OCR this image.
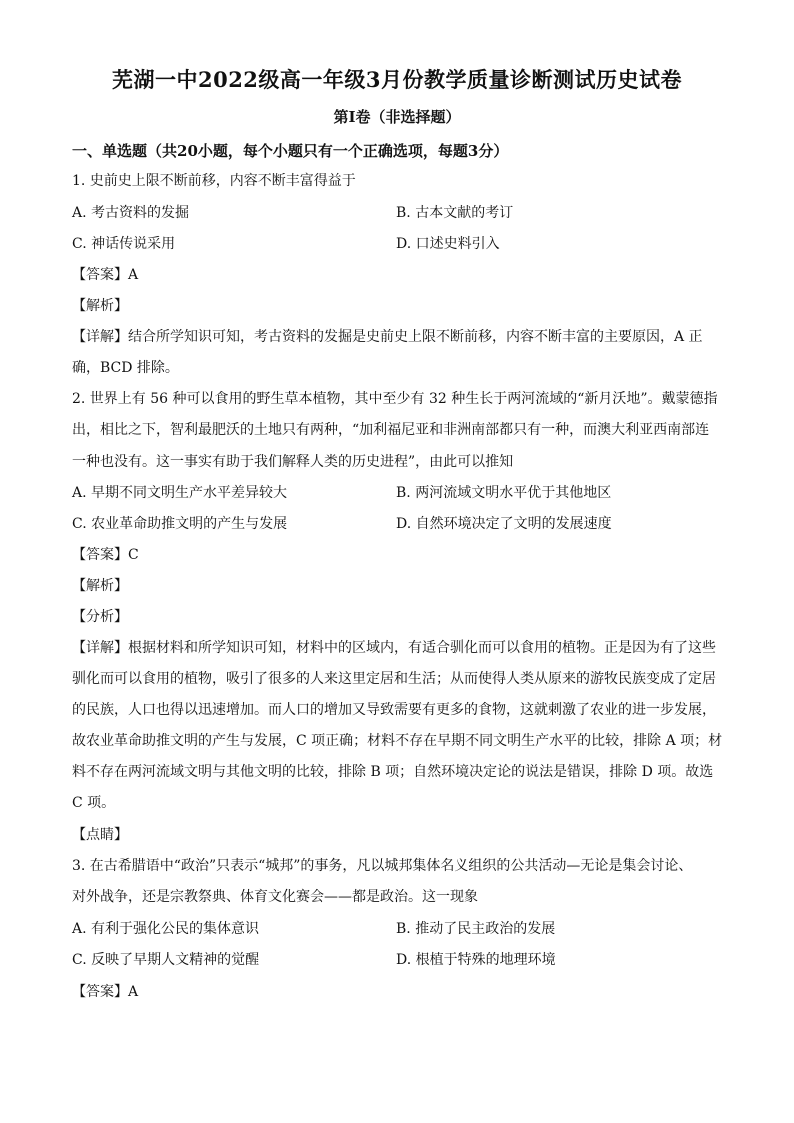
芜湖一中2022级高一年级3月份教学质量诊断测试历史试卷
第Ⅰ卷（非选择题）
一、单选题（共20小题，每个小题只有一个正确选项，每题3分）
1. 史前史上限不断前移，内容不断丰富得益于
A. 考古资料的发掘	B. 古本文献的考订
C. 神话传说采用	D. 口述史料引入
【答案】A
【解析】
【详解】结合所学知识可知，考古资料的发掘是史前史上限不断前移，内容不断丰富的主要原因，A 正
确，BCD 排除。
2. 世界上有 56 种可以食用的野生草本植物，其中至少有 32 种生长于两河流域的“新月沃地”。戴蒙德指
出，相比之下，智利最肥沃的土地只有两种，“加利福尼亚和非洲南部都只有一种，而澳大利亚西南部连
一种也没有。这一事实有助于我们解释人类的历史进程”，由此可以推知
A. 早期不同文明生产水平差异较大	B. 两河流域文明水平优于其他地区
C. 农业革命助推文明的产生与发展	D. 自然环境决定了文明的发展速度
【答案】C
【解析】
【分析】
【详解】根据材料和所学知识可知，材料中的区域内，有适合驯化而可以食用的植物。正是因为有了这些
驯化而可以食用的植物，吸引了很多的人来这里定居和生活；从而使得人类从原来的游牧民族变成了定居
的民族，人口也得以迅速增加。而人口的增加又导致需要有更多的食物，这就刺激了农业的进一步发展，
故农业革命助推文明的产生与发展，C 项正确；材料不存在早期不同文明生产水平的比较，排除 A 项；材
料不存在两河流域文明与其他文明的比较，排除 B 项；自然环境决定论的说法是错误，排除 D 项。故选
C 项。
【点睛】
3. 在古希腊语中“政治”只表示“城邦”的事务，凡以城邦集体名义组织的公共活动—无论是集会讨论、
对外战争，还是宗教祭典、体育文化赛会——都是政治。这一现象
A. 有利于强化公民的集体意识	B. 推动了民主政治的发展
C. 反映了早期人文精神的觉醒	D. 根植于特殊的地理环境
【答案】A
